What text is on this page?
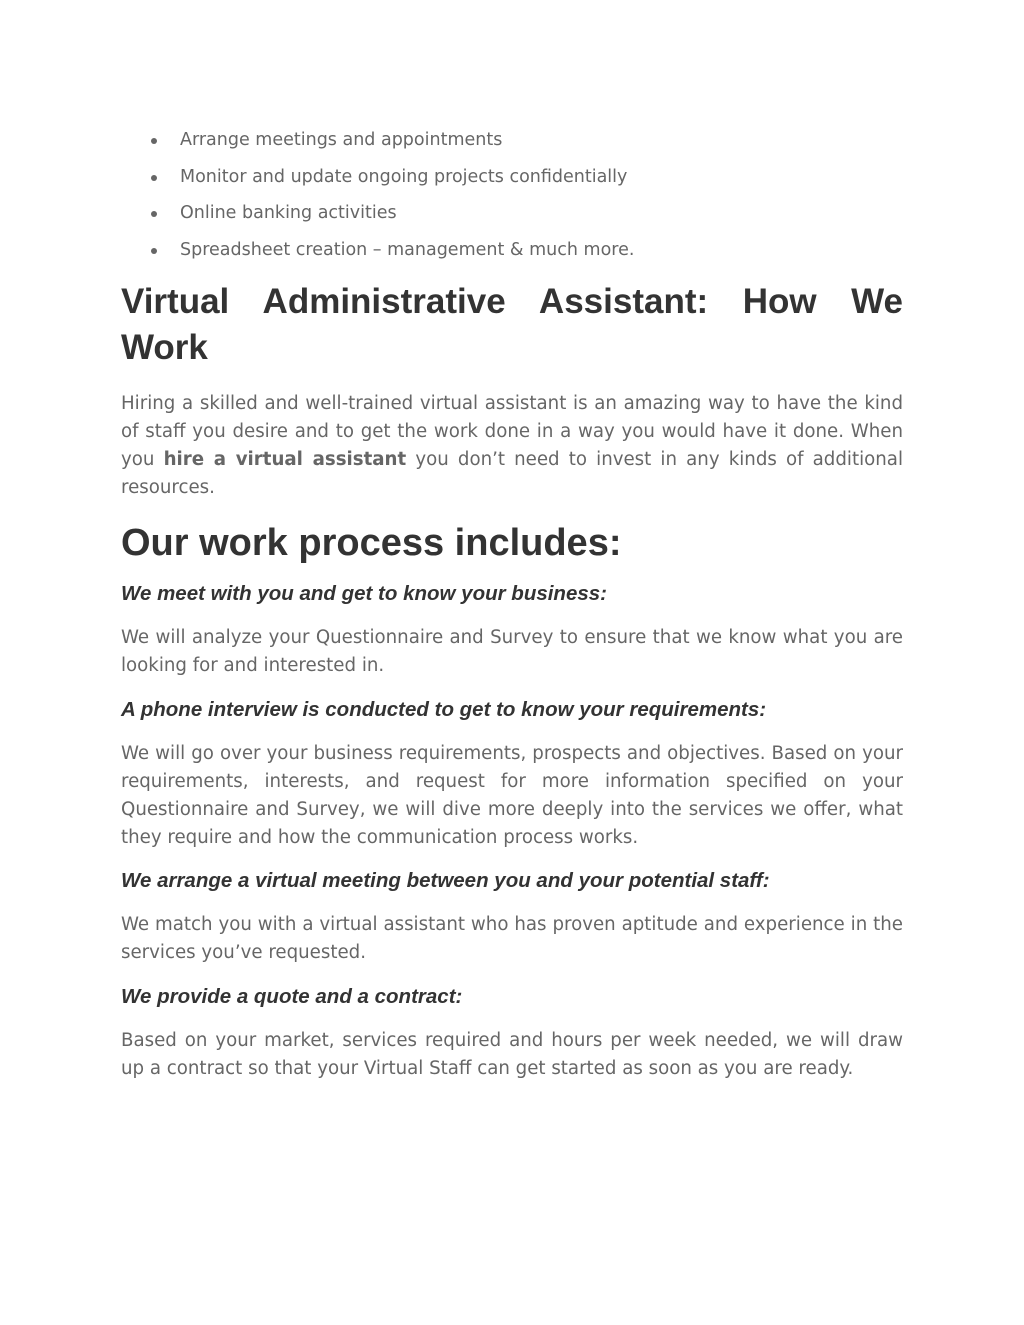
Arrange meetings and appointments
Monitor and update ongoing projects confidentially
Online banking activities
Spreadsheet creation – management & much more.
Virtual Administrative Assistant: How We
Work

Hiring a skilled and well-trained virtual assistant is an amazing way to have the kind of staff you desire and to get the work done in a way you would have it done. When you hire a virtual assistant you don’t need to invest in any kinds of additional resources.

Our work process includes:
We meet with you and get to know your business:

We will analyze your Questionnaire and Survey to ensure that we know what you are looking for and interested in.

A phone interview is conducted to get to know your requirements:

We will go over your business requirements, prospects and objectives. Based on your requirements, interests, and request for more information specified on your Questionnaire and Survey, we will dive more deeply into the services we offer, what they require and how the communication process works.

We arrange a virtual meeting between you and your potential staff:

We match you with a virtual assistant who has proven aptitude and experience in the services you’ve requested.

We provide a quote and a contract:

Based on your market, services required and hours per week needed, we will draw up a contract so that your Virtual Staff can get started as soon as you are ready.
